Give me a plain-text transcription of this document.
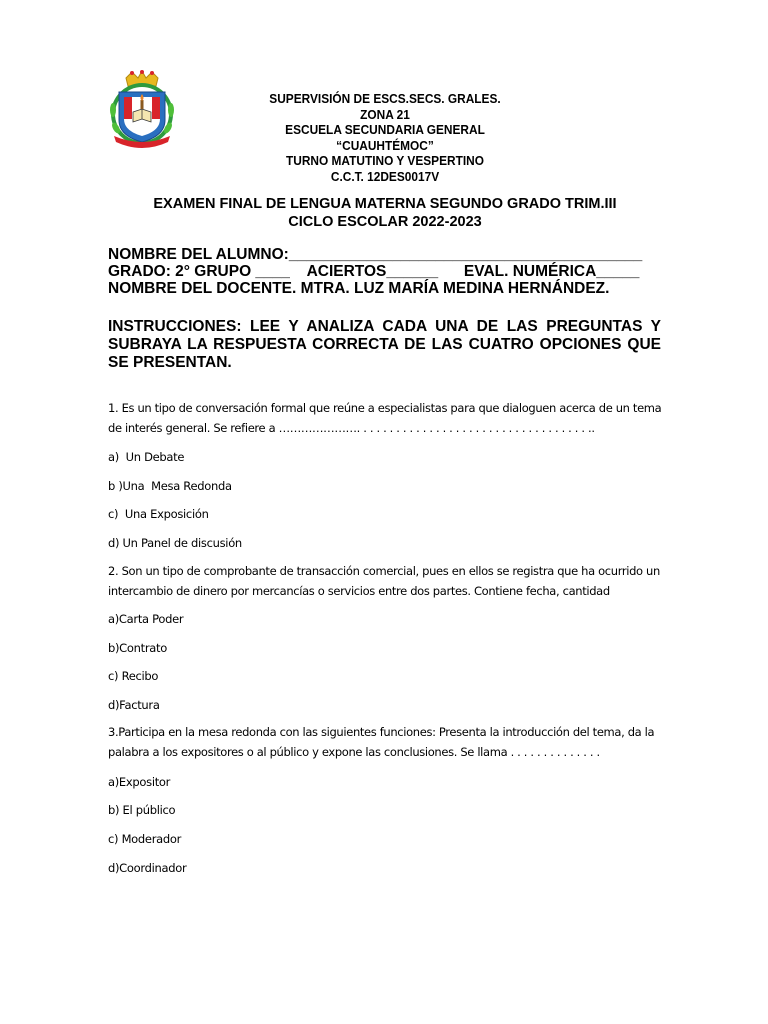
SUPERVISIÓN DE ESCS.SECS. GRALES.
ZONA 21
ESCUELA SECUNDARIA GENERAL
“CUAUHTÉMOC”
TURNO MATUTINO Y VESPERTINO
C.C.T. 12DES0017V
EXAMEN FINAL DE LENGUA MATERNA SEGUNDO GRADO TRIM.III
CICLO ESCOLAR 2022-2023
NOMBRE DEL ALUMNO:_________________________________________
GRADO: 2° GRUPO ____    ACIERTOS______      EVAL. NUMÉRICA_____
NOMBRE DEL DOCENTE. MTRA. LUZ MARÍA MEDINA HERNÁNDEZ.
INSTRUCCIONES: LEE Y ANALIZA CADA UNA DE LAS PREGUNTAS Y SUBRAYA LA RESPUESTA CORRECTA DE LAS CUATRO OPCIONES QUE SE PRESENTAN.
1. Es un tipo de conversación formal que reúne a especialistas para que dialoguen acerca de un tema de interés general. Se refiere a …………………. . . . . . . . . . . . . . . . . . . . . . . . . . . . . . . . . . . ..
a)  Un Debate
b )Una  Mesa Redonda
c)  Una Exposición
d) Un Panel de discusión
2. Son un tipo de comprobante de transacción comercial, pues en ellos se registra que ha ocurrido un intercambio de dinero por mercancías o servicios entre dos partes. Contiene fecha, cantidad
a)Carta Poder
b)Contrato
c) Recibo
d)Factura
3.Participa en la mesa redonda con las siguientes funciones: Presenta la introducción del tema, da la palabra a los expositores o al público y expone las conclusiones. Se llama . . . . . . . . . . . . . .
a)Expositor
b) El público
c) Moderador
d)Coordinador
